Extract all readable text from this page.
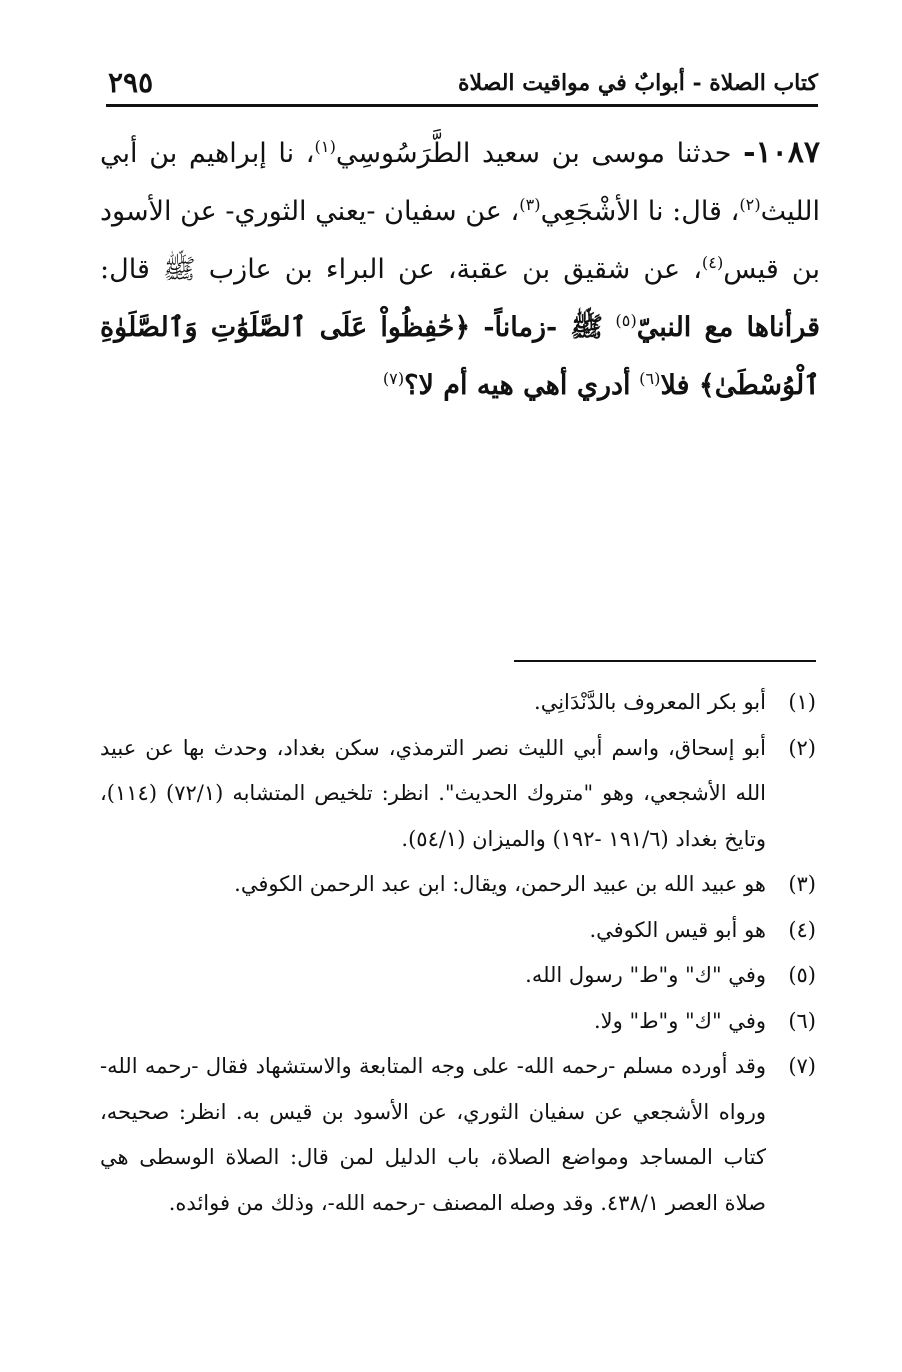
كتاب الصلاة - أبوابٌ في مواقيت الصلاة
٢٩٥
١٠٨٧- حدثنا موسى بن سعيد الطَّرَسُوسِي$^{(١)}$، نا إبراهيم بن أبي الليث$^{(٢)}$، قال: نا الأشْجَعِي$^{(٣)}$، عن سفيان -يعني الثوري- عن الأسود بن قيس$^{(٤)}$، عن شقيق بن عقبة، عن البراء بن عازب ﷺ قال: قرأناها مع النبيّ$^{(٥)}$ ﷺ -زماناً- ﴿حَٰفِظُواْ عَلَى ٱلصَّلَوَٰتِ وَٱلصَّلَوٰةِ ٱلْوُسْطَىٰ﴾ فلا$^{(٦)}$ أدري أهي هيه أم لا؟$^{(٧)}$
(١)
أبو بكر المعروف بالدَّنْدَانِي.
(٢)
أبو إسحاق، واسم أبي الليث نصر الترمذي، سكن بغداد، وحدث بها عن عبيد الله الأشجعي، وهو "متروك الحديث". انظر: تلخيص المتشابه (٧٢/١) (١١٤)، وتايخ بغداد (١٩١/٦ -١٩٢) والميزان (٥٤/١).
(٣)
هو عبيد الله بن عبيد الرحمن، ويقال: ابن عبد الرحمن الكوفي.
(٤)
هو أبو قيس الكوفي.
(٥)
وفي "ك" و"ط" رسول الله.
(٦)
وفي "ك" و"ط" ولا.
(٧)
وقد أورده مسلم -رحمه الله- على وجه المتابعة والاستشهاد فقال -رحمه الله- ورواه الأشجعي عن سفيان الثوري، عن الأسود بن قيس به. انظر: صحيحه، كتاب المساجد ومواضع الصلاة، باب الدليل لمن قال: الصلاة الوسطى هي صلاة العصر ٤٣٨/١. وقد وصله المصنف -رحمه الله-، وذلك من فوائده.
